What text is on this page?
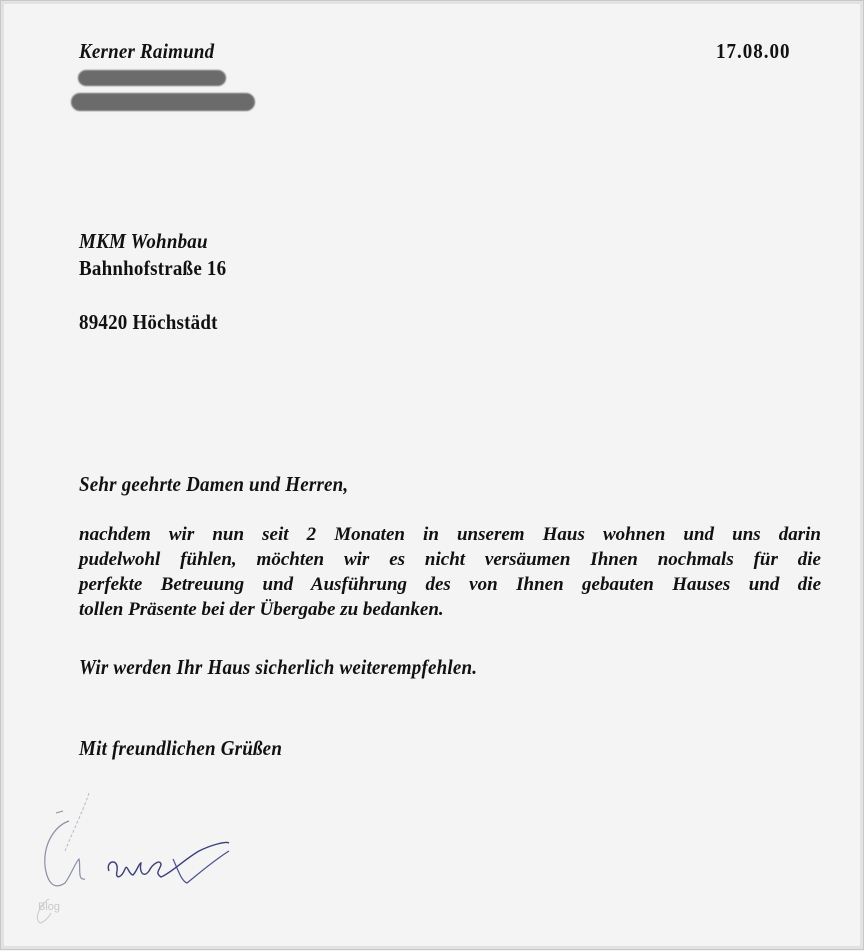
Kerner Raimund	17.08.00
MKM Wohnbau
Bahnhofstraße 16
89420 Höchstädt
Sehr geehrte Damen und Herren,
nachdem wir nun seit 2 Monaten in unserem Haus wohnen und uns darin
pudelwohl fühlen, möchten wir es nicht versäumen Ihnen nochmals für die
perfekte Betreuung und Ausführung des von Ihnen gebauten Hauses und die
tollen Präsente bei der Übergabe zu bedanken.
Wir werden Ihr Haus sicherlich weiterempfehlen.
Mit freundlichen Grüßen
Blog
